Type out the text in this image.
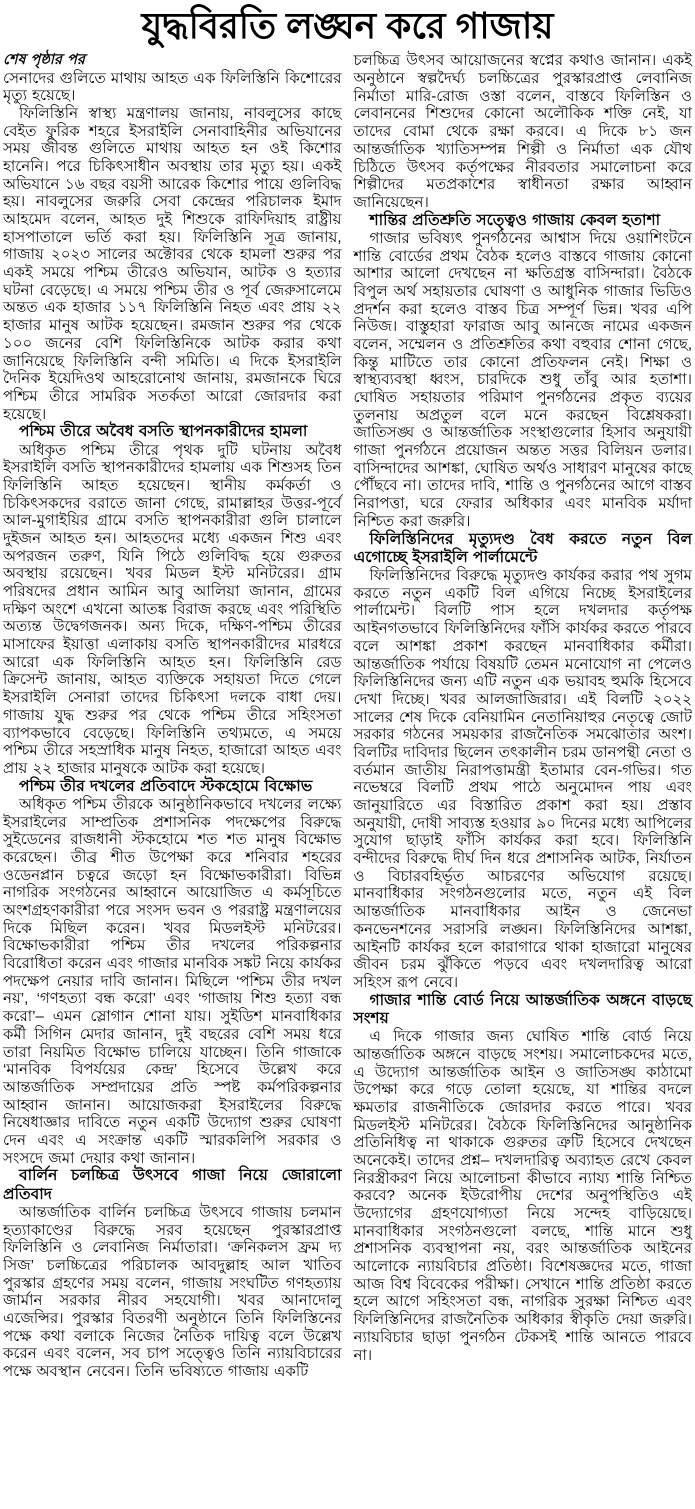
যুদ্ধবিরতি লঙ্ঘন করে গাজায়
শেষ পৃষ্ঠার পর

সেনাদের গুলিতে মাথায় আহত এক ফিলিস্তিনি কিশোরের মৃত্যু হয়েছে।

ফিলিস্তিনি স্বাস্থ্য মন্ত্রণালয় জানায়, নাবলুসের কাছে বেইত ফুরিক শহরে ইসরাইলি সেনাবাহিনীর অভিযানের সময় জীবন্ত গুলিতে মাথায় আহত হন ওই কিশোর হানেনি। পরে চিকিৎসাধীন অবস্থায় তার মৃত্যু হয়। একই অভিযানে ১৬ বছর বয়সী আরেক কিশোর পায়ে গুলিবিদ্ধ হয়। নাবলুসের জরুরি সেবা কেন্দ্রের পরিচালক ইমাদ আহমেদ বলেন, আহত দুই শিশুকে রাফিদিয়াহ রাষ্ট্রীয় হাসপাতালে ভর্তি করা হয়। ফিলিস্তিনি সূত্র জানায়, গাজায় ২০২৩ সালের অক্টোবর থেকে হামলা শুরুর পর একই সময়ে পশ্চিম তীরেও অভিযান, আটক ও হত্যার ঘটনা বেড়েছে। এ সময়ে পশ্চিম তীর ও পূর্ব জেরুসালেমে অন্তত এক হাজার ১১৭ ফিলিস্তিনি নিহত এবং প্রায় ২২ হাজার মানুষ আটক হয়েছেন। রমজান শুরুর পর থেকে ১০০ জনের বেশি ফিলিস্তিনিকে আটক করার কথা জানিয়েছে ফিলিস্তিনি বন্দী সমিতি। এ দিকে ইসরাইলি দৈনিক ইয়েদিওথ আহরোনোথ জানায়, রমজানকে ঘিরে পশ্চিম তীরে সামরিক সতর্কতা আরো জোরদার করা হয়েছে।

পশ্চিম তীরে অবৈধ বসতি স্থাপনকারীদের হামলা

অধিকৃত পশ্চিম তীরে পৃথক দুটি ঘটনায় অবৈধ ইসরাইলি বসতি স্থাপনকারীদের হামলায় এক শিশুসহ তিন ফিলিস্তিনি আহত হয়েছেন। স্থানীয় কর্মকর্তা ও চিকিৎসকদের বরাতে জানা গেছে, রামাল্লাহর উত্তর-পূর্বে আল-মুগাইয়ির গ্রামে বসতি স্থাপনকারীরা গুলি চালালে দুইজন আহত হন। আহতদের মধ্যে একজন শিশু এবং অপরজন তরুণ, যিনি পিঠে গুলিবিদ্ধ হয়ে গুরুতর অবস্থায় রয়েছেন। খবর মিডল ইস্ট মনিটরের। গ্রাম পরিষদের প্রধান আমিন আবু আলিয়া জানান, গ্রামের দক্ষিণ অংশে এখনো আতঙ্ক বিরাজ করছে এবং পরিস্থিতি অত্যন্ত উদ্বেগজনক। অন্য দিকে, দক্ষিণ-পশ্চিম তীরের মাসাফের ইয়াত্তা এলাকায় বসতি স্থাপনকারীদের মারধরে আরো এক ফিলিস্তিনি আহত হন। ফিলিস্তিনি রেড ক্রিসেন্ট জানায়, আহত ব্যক্তিকে সহায়তা দিতে গেলে ইসরাইলি সেনারা তাদের চিকিৎসা দলকে বাধা দেয়। গাজায় যুদ্ধ শুরুর পর থেকে পশ্চিম তীরে সহিংসতা ব্যাপকভাবে বেড়েছে। ফিলিস্তিনি তথ্যমতে, এ সময়ে পশ্চিম তীরে সহস্রাধিক মানুষ নিহত, হাজারো আহত এবং প্রায় ২২ হাজার মানুষকে আটক করা হয়েছে।

পশ্চিম তীর দখলের প্রতিবাদে স্টকহোমে বিক্ষোভ

অধিকৃত পশ্চিম তীরকে আনুষ্ঠানিকভাবে দখলের লক্ষ্যে ইসরাইলের সাম্প্রতিক প্রশাসনিক পদক্ষেপের বিরুদ্ধে সুইডেনের রাজধানী স্টকহোমে শত শত মানুষ বিক্ষোভ করেছেন। তীব্র শীত উপেক্ষা করে শনিবার শহরের ওডেনপ্লান চত্বরে জড়ো হন বিক্ষোভকারীরা। বিভিন্ন নাগরিক সংগঠনের আহ্বানে আয়োজিত এ কর্মসূচিতে অংশগ্রহণকারীরা পরে সংসদ ভবন ও পররাষ্ট্র মন্ত্রণালয়ের দিকে মিছিল করেন। খবর মিডলইস্ট মনিটরের। বিক্ষোভকারীরা পশ্চিম তীর দখলের পরিকল্পনার বিরোধিতা করেন এবং গাজার মানবিক সঙ্কট নিয়ে কার্যকর পদক্ষেপ নেয়ার দাবি জানান। মিছিলে ‘পশ্চিম তীর দখল নয়’, ‘গণহত্যা বন্ধ করো’ এবং ‘গাজায় শিশু হত্যা বন্ধ করো’– এমন স্লোগান শোনা যায়। সুইডিশ মানবাধিকার কর্মী সিগিন মেদার জানান, দুই বছরের বেশি সময় ধরে তারা নিয়মিত বিক্ষোভ চালিয়ে যাচ্ছেন। তিনি গাজাকে ‘মানবিক বিপর্যয়ের কেন্দ্র’ হিসেবে উল্লেখ করে আন্তর্জাতিক সম্প্রদায়ের প্রতি স্পষ্ট কর্মপরিকল্পনার আহ্বান জানান। আয়োজকরা ইসরাইলের বিরুদ্ধে নিষেধাজ্ঞার দাবিতে নতুন একটি উদ্যোগ শুরুর ঘোষণা দেন এবং এ সংক্রান্ত একটি স্মারকলিপি সরকার ও সংসদে জমা দেয়ার কথা জানান।

বার্লিন চলচ্চিত্র উৎসবে গাজা নিয়ে জোরালো প্রতিবাদ

আন্তর্জাতিক বার্লিন চলচ্চিত্র উৎসবে গাজায় চলমান হত্যাকাণ্ডের বিরুদ্ধে সরব হয়েছেন পুরস্কারপ্রাপ্ত ফিলিস্তিনি ও লেবানিজ নির্মাতারা। ‘ক্রনিকলস ফ্রম দ্য সিজ’ চলচ্চিত্রের পরিচালক আবদুল্লাহ আল খাতিব পুরস্কার গ্রহণের সময় বলেন, গাজায় সংঘটিত গণহত্যায় জার্মান সরকার নীরব সহযোগী। খবর আনাদোলু এজেন্সির। পুরস্কার বিতরণী অনুষ্ঠানে তিনি ফিলিস্তিনের পক্ষে কথা বলাকে নিজের নৈতিক দায়িত্ব বলে উল্লেখ করেন এবং বলেন, সব চাপ সত্ত্বেও তিনি ন্যায়বিচারের পক্ষে অবস্থান নেবেন। তিনি ভবিষ্যতে গাজায় একটি

চলচ্চিত্র উৎসব আয়োজনের স্বপ্নের কথাও জানান। একই অনুষ্ঠানে স্বল্পদৈর্ঘ্য চলচ্চিত্রের পুরস্কারপ্রাপ্ত লেবানিজ নির্মাতা মারি-রোজ ওস্তা বলেন, বাস্তবে ফিলিস্তিন ও লেবাননের শিশুদের কোনো অলৌকিক শক্তি নেই, যা তাদের বোমা থেকে রক্ষা করবে। এ দিকে ৮১ জন আন্তর্জাতিক খ্যাতিসম্পন্ন শিল্পী ও নির্মাতা এক যৌথ চিঠিতে উৎসব কর্তৃপক্ষের নীরবতার সমালোচনা করে শিল্পীদের মতপ্রকাশের স্বাধীনতা রক্ষার আহ্বান জানিয়েছেন।

শান্তির প্রতিশ্রুতি সত্ত্বেও গাজায় কেবল হতাশা

গাজার ভবিষ্যৎ পুনর্গঠনের আশ্বাস দিয়ে ওয়াশিংটনে শান্তি বোর্ডের প্রথম বৈঠক হলেও বাস্তবে গাজায় কোনো আশার আলো দেখছেন না ক্ষতিগ্রস্ত বাসিন্দারা। বৈঠকে বিপুল অর্থ সহায়তার ঘোষণা ও আধুনিক গাজার ভিডিও প্রদর্শন করা হলেও বাস্তব চিত্র সম্পূর্ণ ভিন্ন। খবর এপি নিউজ। বাস্তুহারা ফারাজ আবু আনজে নামের একজন বলেন, সম্মেলন ও প্রতিশ্রুতির কথা বহুবার শোনা গেছে, কিন্তু মাটিতে তার কোনো প্রতিফলন নেই। শিক্ষা ও স্বাস্থ্যব্যবস্থা ধ্বংস, চারদিকে শুধু তাঁবু আর হতাশা। ঘোষিত সহায়তার পরিমাণ পুনর্গঠনের প্রকৃত ব্যয়ের তুলনায় অপ্রতুল বলে মনে করছেন বিশ্লেষকরা। জাতিসঙ্ঘ ও আন্তর্জাতিক সংস্থাগুলোর হিসাব অনুযায়ী গাজা পুনর্গঠনে প্রয়োজন অন্তত সত্তর বিলিয়ন ডলার। বাসিন্দাদের আশঙ্কা, ঘোষিত অর্থও সাধারণ মানুষের কাছে পৌঁছবে না। তাদের দাবি, শান্তি ও পুনর্গঠনের আগে বাস্তব নিরাপত্তা, ঘরে ফেরার অধিকার এবং মানবিক মর্যাদা নিশ্চিত করা জরুরি।

ফিলিস্তিনিদের মৃত্যুদণ্ড বৈধ করতে নতুন বিল এগোচ্ছে ইসরাইলি পার্লামেন্টে

ফিলিস্তিনিদের বিরুদ্ধে মৃত্যুদণ্ড কার্যকর করার পথ সুগম করতে নতুন একটি বিল এগিয়ে নিচ্ছে ইসরাইলের পার্লামেন্ট। বিলটি পাস হলে দখলদার কর্তৃপক্ষ আইনগতভাবে ফিলিস্তিনিদের ফাঁসি কার্যকর করতে পারবে বলে আশঙ্কা প্রকাশ করছেন মানবাধিকার কর্মীরা। আন্তর্জাতিক পর্যায়ে বিষয়টি তেমন মনোযোগ না পেলেও ফিলিস্তিনিদের জন্য এটি নতুন এক ভয়াবহ হুমকি হিসেবে দেখা দিচ্ছে। খবর আলজাজিরার। এই বিলটি ২০২২ সালের শেষ দিকে বেনিয়ামিন নেতানিয়াহুর নেতৃত্বে জোট সরকার গঠনের সময়কার রাজনৈতিক সমঝোতার অংশ। বিলটির দাবিদার ছিলেন তৎকালীন চরম ডানপন্থী নেতা ও বর্তমান জাতীয় নিরাপত্তামন্ত্রী ইতামার বেন-গভির। গত নভেম্বরে বিলটি প্রথম পাঠে অনুমোদন পায় এবং জানুয়ারিতে এর বিস্তারিত প্রকাশ করা হয়। প্রস্তাব অনুযায়ী, দোষী সাব্যস্ত হওয়ার ৯০ দিনের মধ্যে আপিলের সুযোগ ছাড়াই ফাঁসি কার্যকর করা হবে। ফিলিস্তিনি বন্দীদের বিরুদ্ধে দীর্ঘ দিন ধরে প্রশাসনিক আটক, নির্যাতন ও বিচারবহির্ভূত আচরণের অভিযোগ রয়েছে। মানবাধিকার সংগঠনগুলোর মতে, নতুন এই বিল আন্তর্জাতিক মানবাধিকার আইন ও জেনেভা কনভেনশনের সরাসরি লঙ্ঘন। ফিলিস্তিনিদের আশঙ্কা, আইনটি কার্যকর হলে কারাগারে থাকা হাজারো মানুষের জীবন চরম ঝুঁকিতে পড়বে এবং দখলদারিত্ব আরো সহিংস রূপ নেবে।

গাজার শান্তি বোর্ড নিয়ে আন্তর্জাতিক অঙ্গনে বাড়ছে সংশয়

এ দিকে গাজার জন্য ঘোষিত শান্তি বোর্ড নিয়ে আন্তর্জাতিক অঙ্গনে বাড়ছে সংশয়। সমালোচকদের মতে, এ উদ্যোগ আন্তর্জাতিক আইন ও জাতিসঙ্ঘ কাঠামো উপেক্ষা করে গড়ে তোলা হয়েছে, যা শান্তির বদলে ক্ষমতার রাজনীতিকে জোরদার করতে পারে। খবর মিডলইস্ট মনিটরের। বৈঠকে ফিলিস্তিনিদের আনুষ্ঠানিক প্রতিনিধিত্ব না থাকাকে গুরুতর ত্রুটি হিসেবে দেখছেন অনেকেই। তাদের প্রশ্ন– দখলদারিত্ব অব্যাহত রেখে কেবল নিরস্ত্রীকরণ নিয়ে আলোচনা কীভাবে ন্যায্য শান্তি নিশ্চিত করবে? অনেক ইউরোপীয় দেশের অনুপস্থিতিও এই উদ্যোগের গ্রহণযোগ্যতা নিয়ে সন্দেহ বাড়িয়েছে। মানবাধিকার সংগঠনগুলো বলছে, শান্তি মানে শুধু প্রশাসনিক ব্যবস্থাপনা নয়, বরং আন্তর্জাতিক আইনের আলোকে ন্যায়বিচার প্রতিষ্ঠা। বিশেষজ্ঞদের মতে, গাজা আজ বিশ্ব বিবেকের পরীক্ষা। সেখানে শান্তি প্রতিষ্ঠা করতে হলে আগে সহিংসতা বন্ধ, নাগরিক সুরক্ষা নিশ্চিত এবং ফিলিস্তিনিদের রাজনৈতিক অধিকার স্বীকৃতি দেয়া জরুরি। ন্যায়বিচার ছাড়া পুনর্গঠন টেকসই শান্তি আনতে পারবে না।
